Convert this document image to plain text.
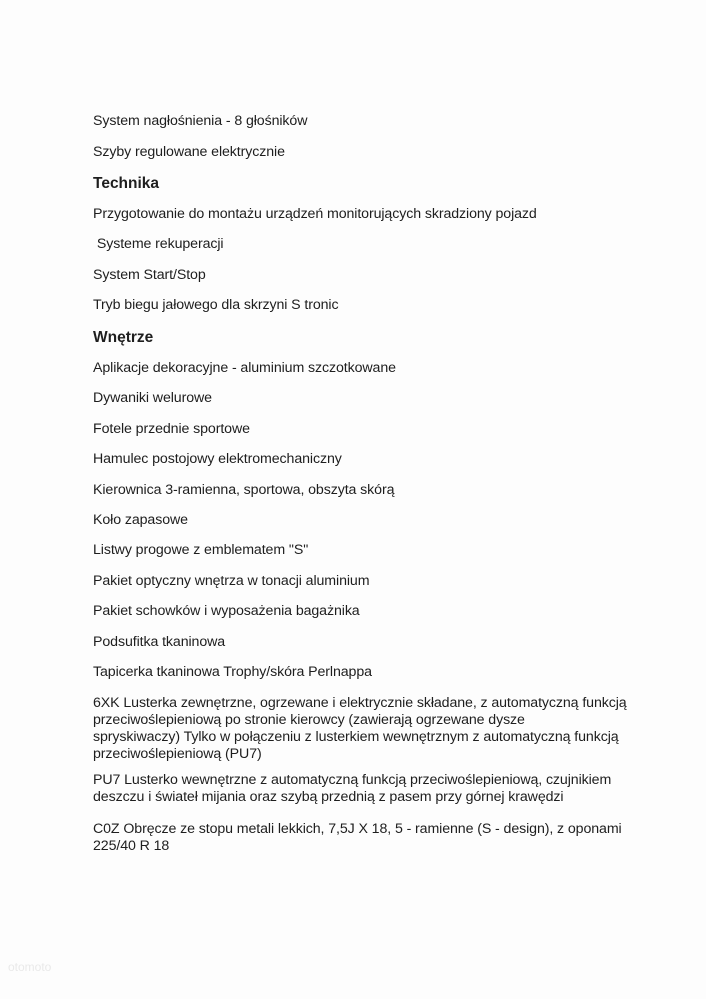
System nagłośnienia - 8 głośników
Szyby regulowane elektrycznie
Technika
Przygotowanie do montażu urządzeń monitorujących skradziony pojazd
Systeme rekuperacji
System Start/Stop
Tryb biegu jałowego dla skrzyni S tronic
Wnętrze
Aplikacje dekoracyjne - aluminium szczotkowane
Dywaniki welurowe
Fotele przednie sportowe
Hamulec postojowy elektromechaniczny
Kierownica 3-ramienna, sportowa, obszyta skórą
Koło zapasowe
Listwy progowe z emblematem "S"
Pakiet optyczny wnętrza w tonacji aluminium
Pakiet schowków i wyposażenia bagażnika
Podsufitka tkaninowa
Tapicerka tkaninowa Trophy/skóra Perlnappa
6XK Lusterka zewnętrzne, ogrzewane i elektrycznie składane, z automatyczną funkcją
przeciwoślepieniową po stronie kierowcy (zawierają ogrzewane dysze
spryskiwaczy) Tylko w połączeniu z lusterkiem wewnętrznym z automatyczną funkcją
przeciwoślepieniową (PU7)
PU7 Lusterko wewnętrzne z automatyczną funkcją przeciwoślepieniową, czujnikiem
deszczu i świateł mijania oraz szybą przednią z pasem przy górnej krawędzi
C0Z Obręcze ze stopu metali lekkich, 7,5J X 18, 5 - ramienne (S - design), z oponami
225/40 R 18
otomoto
